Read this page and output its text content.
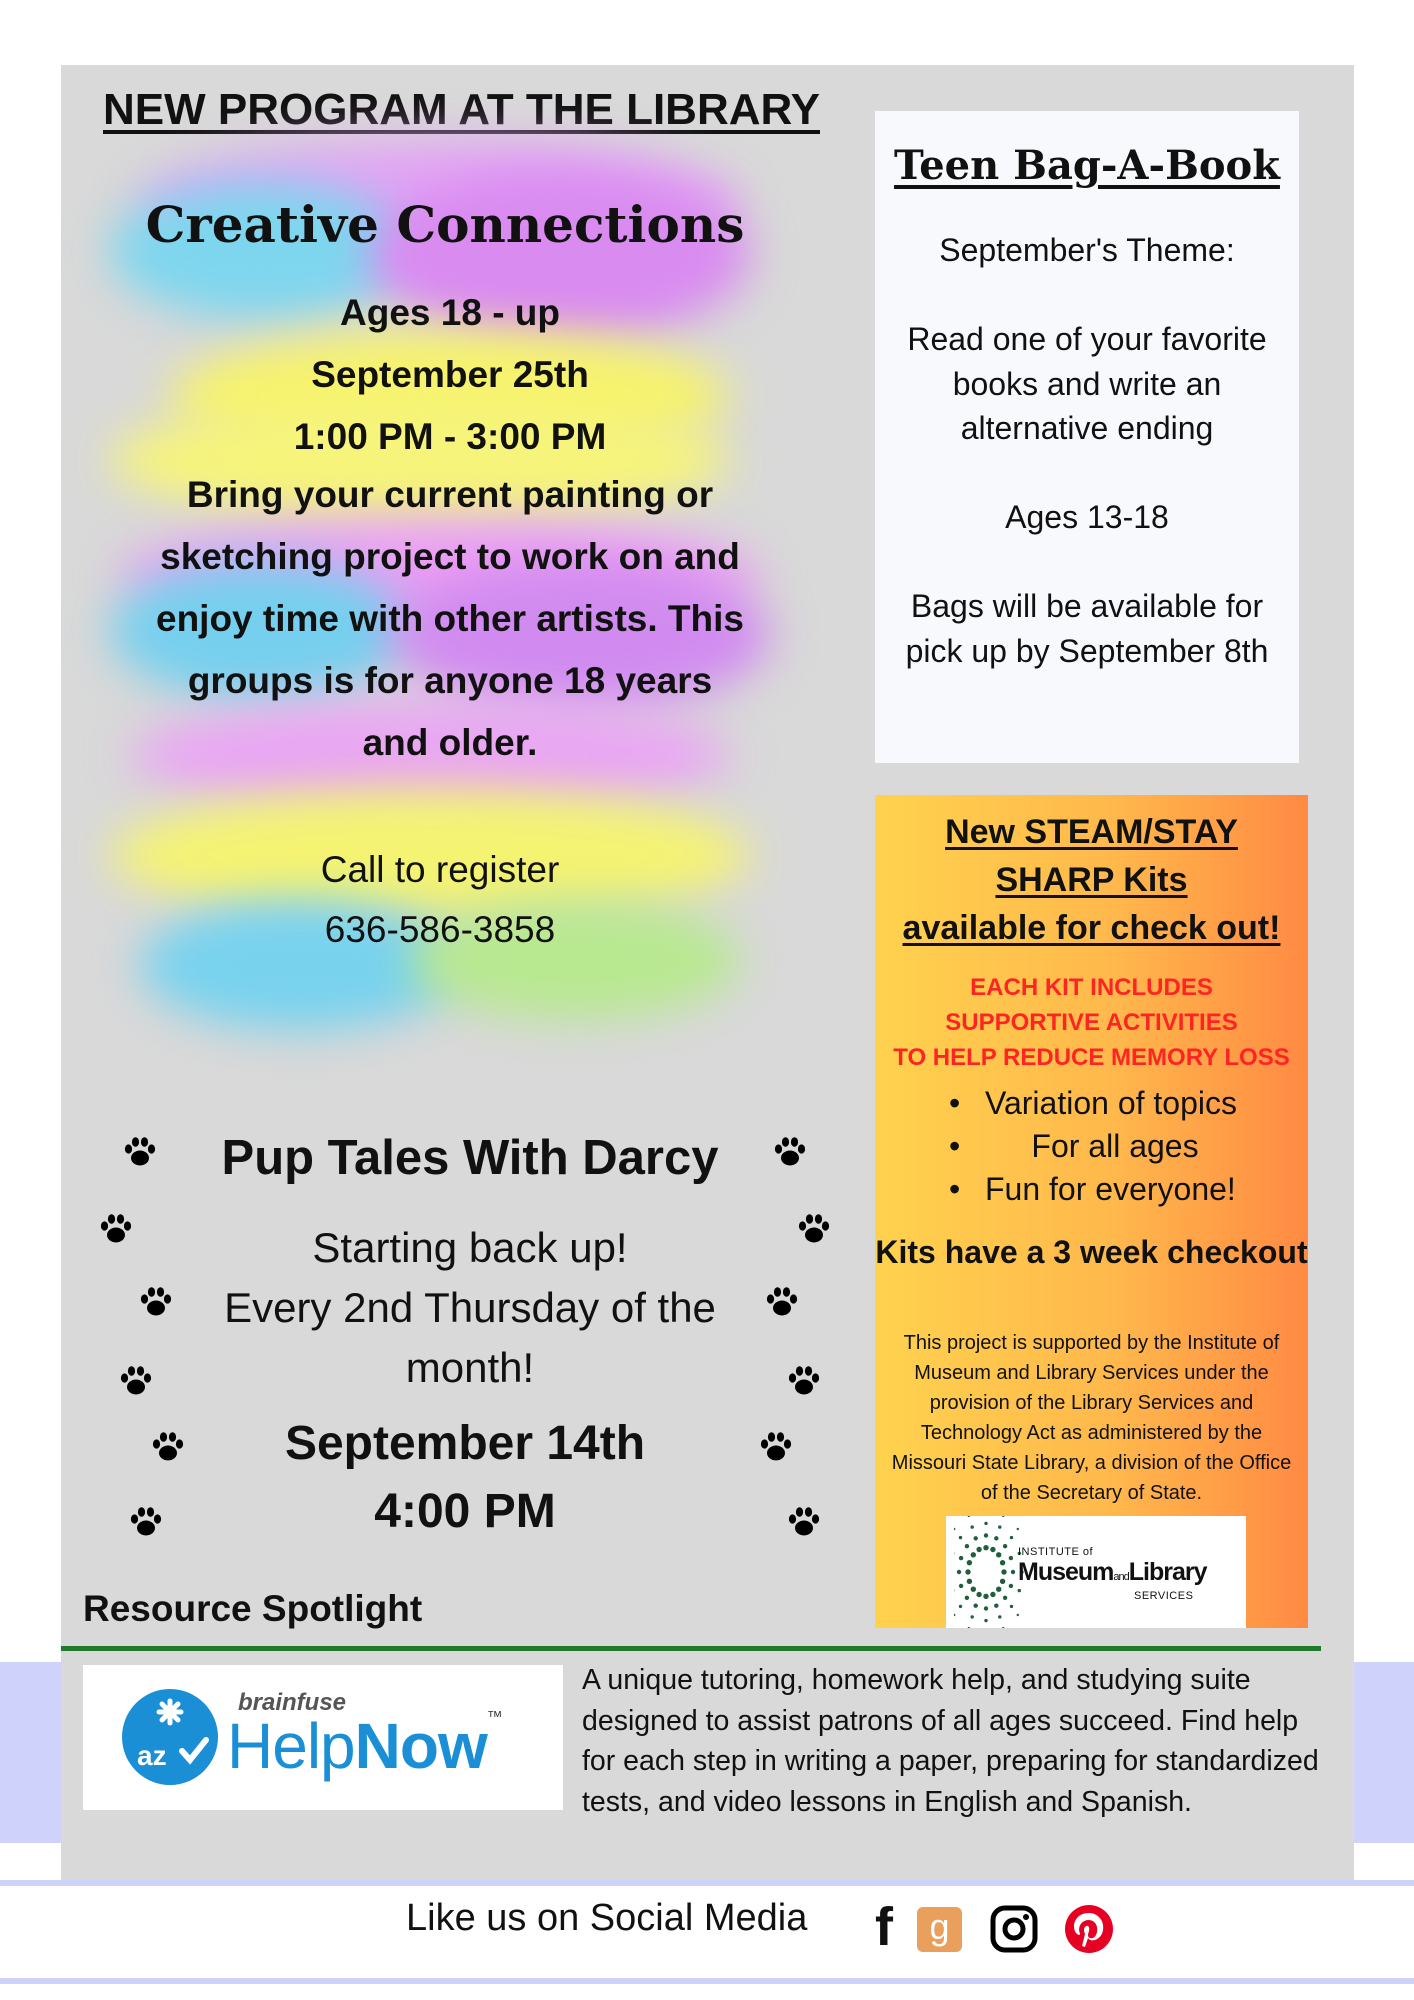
NEW PROGRAM AT THE LIBRARY
Creative Connections
Ages 18 - up
September 25th
1:00 PM - 3:00 PM
Bring your current painting or sketching project to work on and enjoy time with other artists. This groups is for anyone 18 years and older.
Call to register
636-586-3858
Pup Tales With Darcy
Starting back up!
Every 2nd Thursday of the month!
September 14th
4:00 PM
Teen Bag-A-Book

September's Theme:

Read one of your favorite books and write an alternative ending

Ages 13-18

Bags will be available for pick up by September 8th

New STEAM/STAY
SHARP Kits
available for check out!
EACH KIT INCLUDES
SUPPORTIVE ACTIVITIES
TO HELP REDUCE MEMORY LOSS
• Variation of topics
• For all ages
• Fun for everyone!
Kits have a 3 week checkout
This project is supported by the Institute of Museum and Library Services under the provision of the Library Services and Technology Act as administered by the Missouri State Library, a division of the Office of the Secretary of State.
INSTITUTE of
MuseumandLibrary
SERVICES
Resource Spotlight
az
brainfuse
HelpNow™
A unique tutoring, homework help, and studying suite designed to assist patrons of all ages succeed. Find help for each step in writing a paper, preparing for standardized tests, and video lessons in English and Spanish.
Like us on Social Media f	g
